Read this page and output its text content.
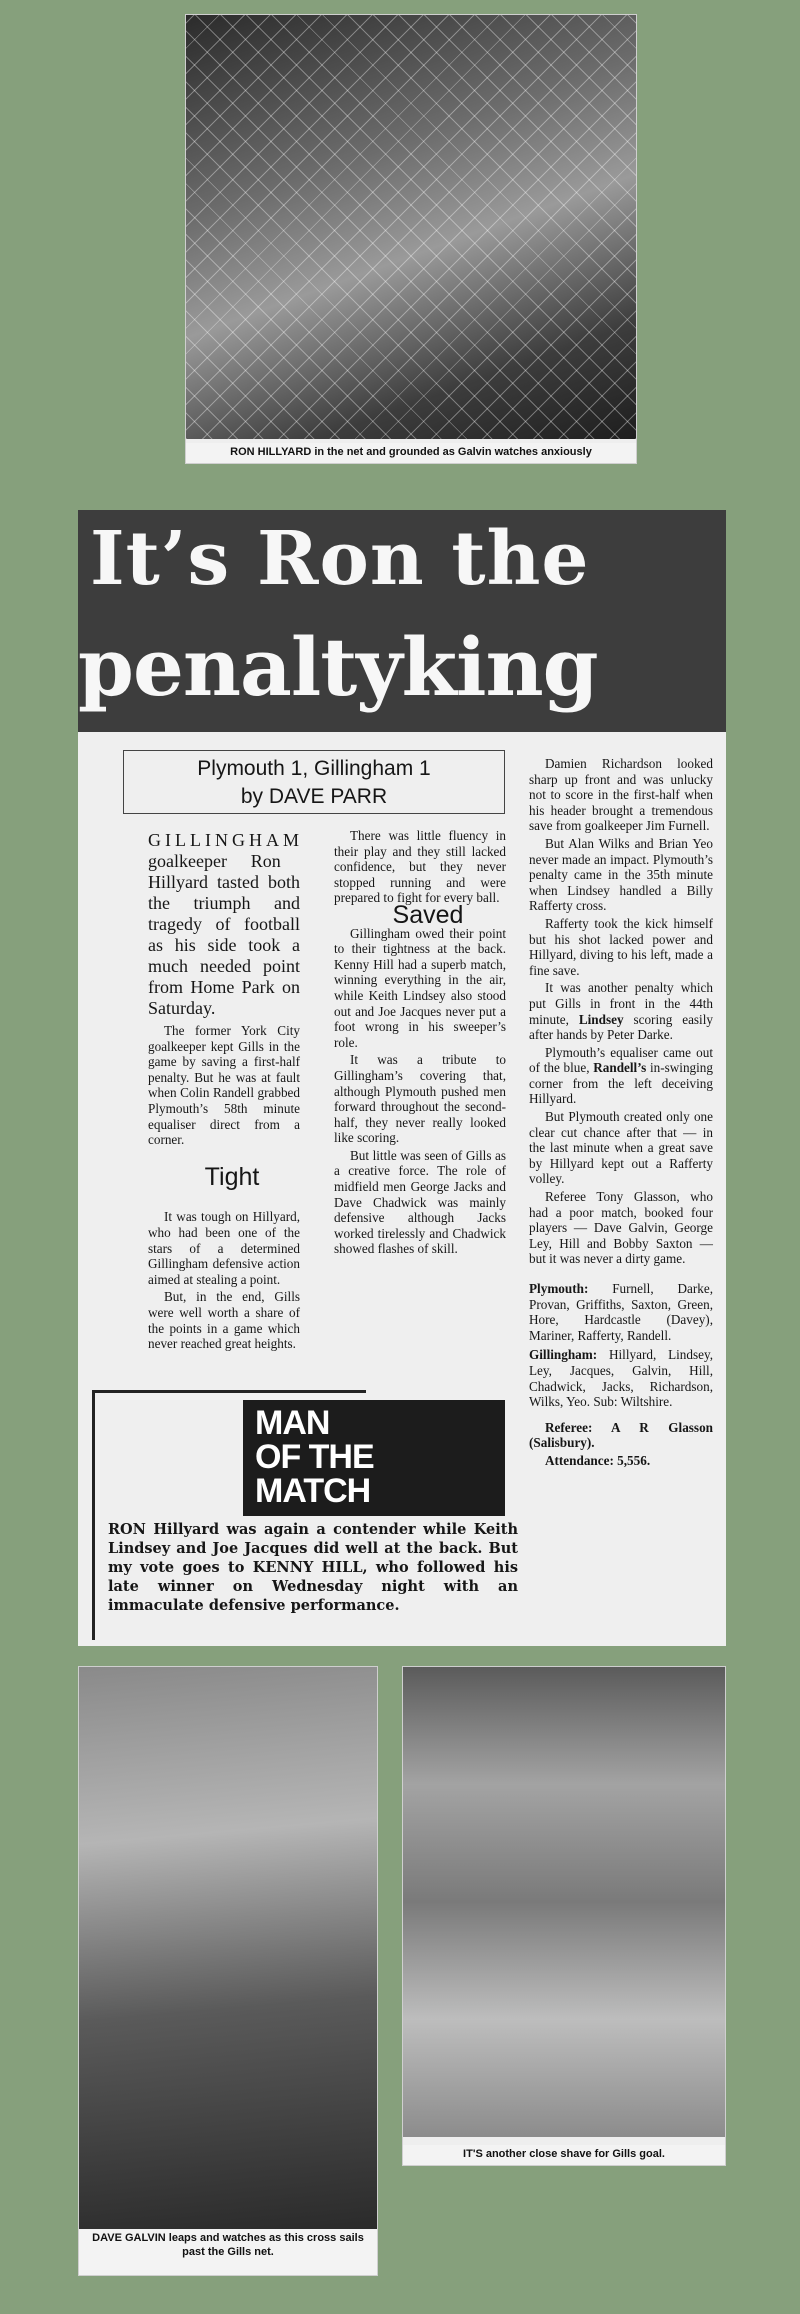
RON HILLYARD in the net and grounded as Galvin watches anxiously
It’s Ron the
penaltyking
Plymouth 1, Gillingham 1
by DAVE PARR

GILLINGHAM goalkeeper Ron Hillyard tasted both the triumph and tragedy of football as his side took a much needed point from Home Park on Saturday.

The former York City goalkeeper kept Gills in the game by saving a first-half penalty. But he was at fault when Colin Randell grabbed Plymouth’s 58th minute equaliser direct from a corner.

Tight

It was tough on Hillyard, who had been one of the stars of a determined Gillingham defensive action aimed at stealing a point.

But, in the end, Gills were well worth a share of the points in a game which never reached great heights.

There was little fluency in their play and they still lacked confidence, but they never stopped running and were prepared to fight for every ball.

Saved

Gillingham owed their point to their tightness at the back. Kenny Hill had a superb match, winning everything in the air, while Keith Lindsey also stood out and Joe Jacques never put a foot wrong in his sweeper’s role.

It was a tribute to Gillingham’s covering that, although Plymouth pushed men forward throughout the second-half, they never really looked like scoring.

But little was seen of Gills as a creative force. The role of midfield men George Jacks and Dave Chadwick was mainly defensive although Jacks worked tirelessly and Chadwick showed flashes of skill.

Damien Richardson looked sharp up front and was unlucky not to score in the first-half when his header brought a tremendous save from goalkeeper Jim Furnell.

But Alan Wilks and Brian Yeo never made an impact. Plymouth’s penalty came in the 35th minute when Lindsey handled a Billy Rafferty cross.

Rafferty took the kick himself but his shot lacked power and Hillyard, diving to his left, made a fine save.

It was another penalty which put Gills in front in the 44th minute, Lindsey scoring easily after hands by Peter Darke.

Plymouth’s equaliser came out of the blue, Randell’s in-swinging corner from the left deceiving Hillyard.

But Plymouth created only one clear cut chance after that — in the last minute when a great save by Hillyard kept out a Rafferty volley.

Referee Tony Glasson, who had a poor match, booked four players — Dave Galvin, George Ley, Hill and Bobby Saxton — but it was never a dirty game.

Plymouth: Furnell, Darke, Provan, Griffiths, Saxton, Green, Hore, Hardcastle (Davey), Mariner, Rafferty, Randell.

Gillingham: Hillyard, Lindsey, Ley, Jacques, Galvin, Hill, Chadwick, Jacks, Richardson, Wilks, Yeo. Sub: Wiltshire.

Referee: A R Glasson (Salisbury).

Attendance: 5,556.

MAN
OF THE
MATCH
RON Hillyard was again a contender while Keith Lindsey and Joe Jacques did well at the back. But my vote goes to KENNY HILL, who followed his late winner on Wednesday night with an immaculate defensive performance.
DAVE GALVIN leaps and watches as this cross sails past the Gills net.
IT'S another close shave for Gills goal.
